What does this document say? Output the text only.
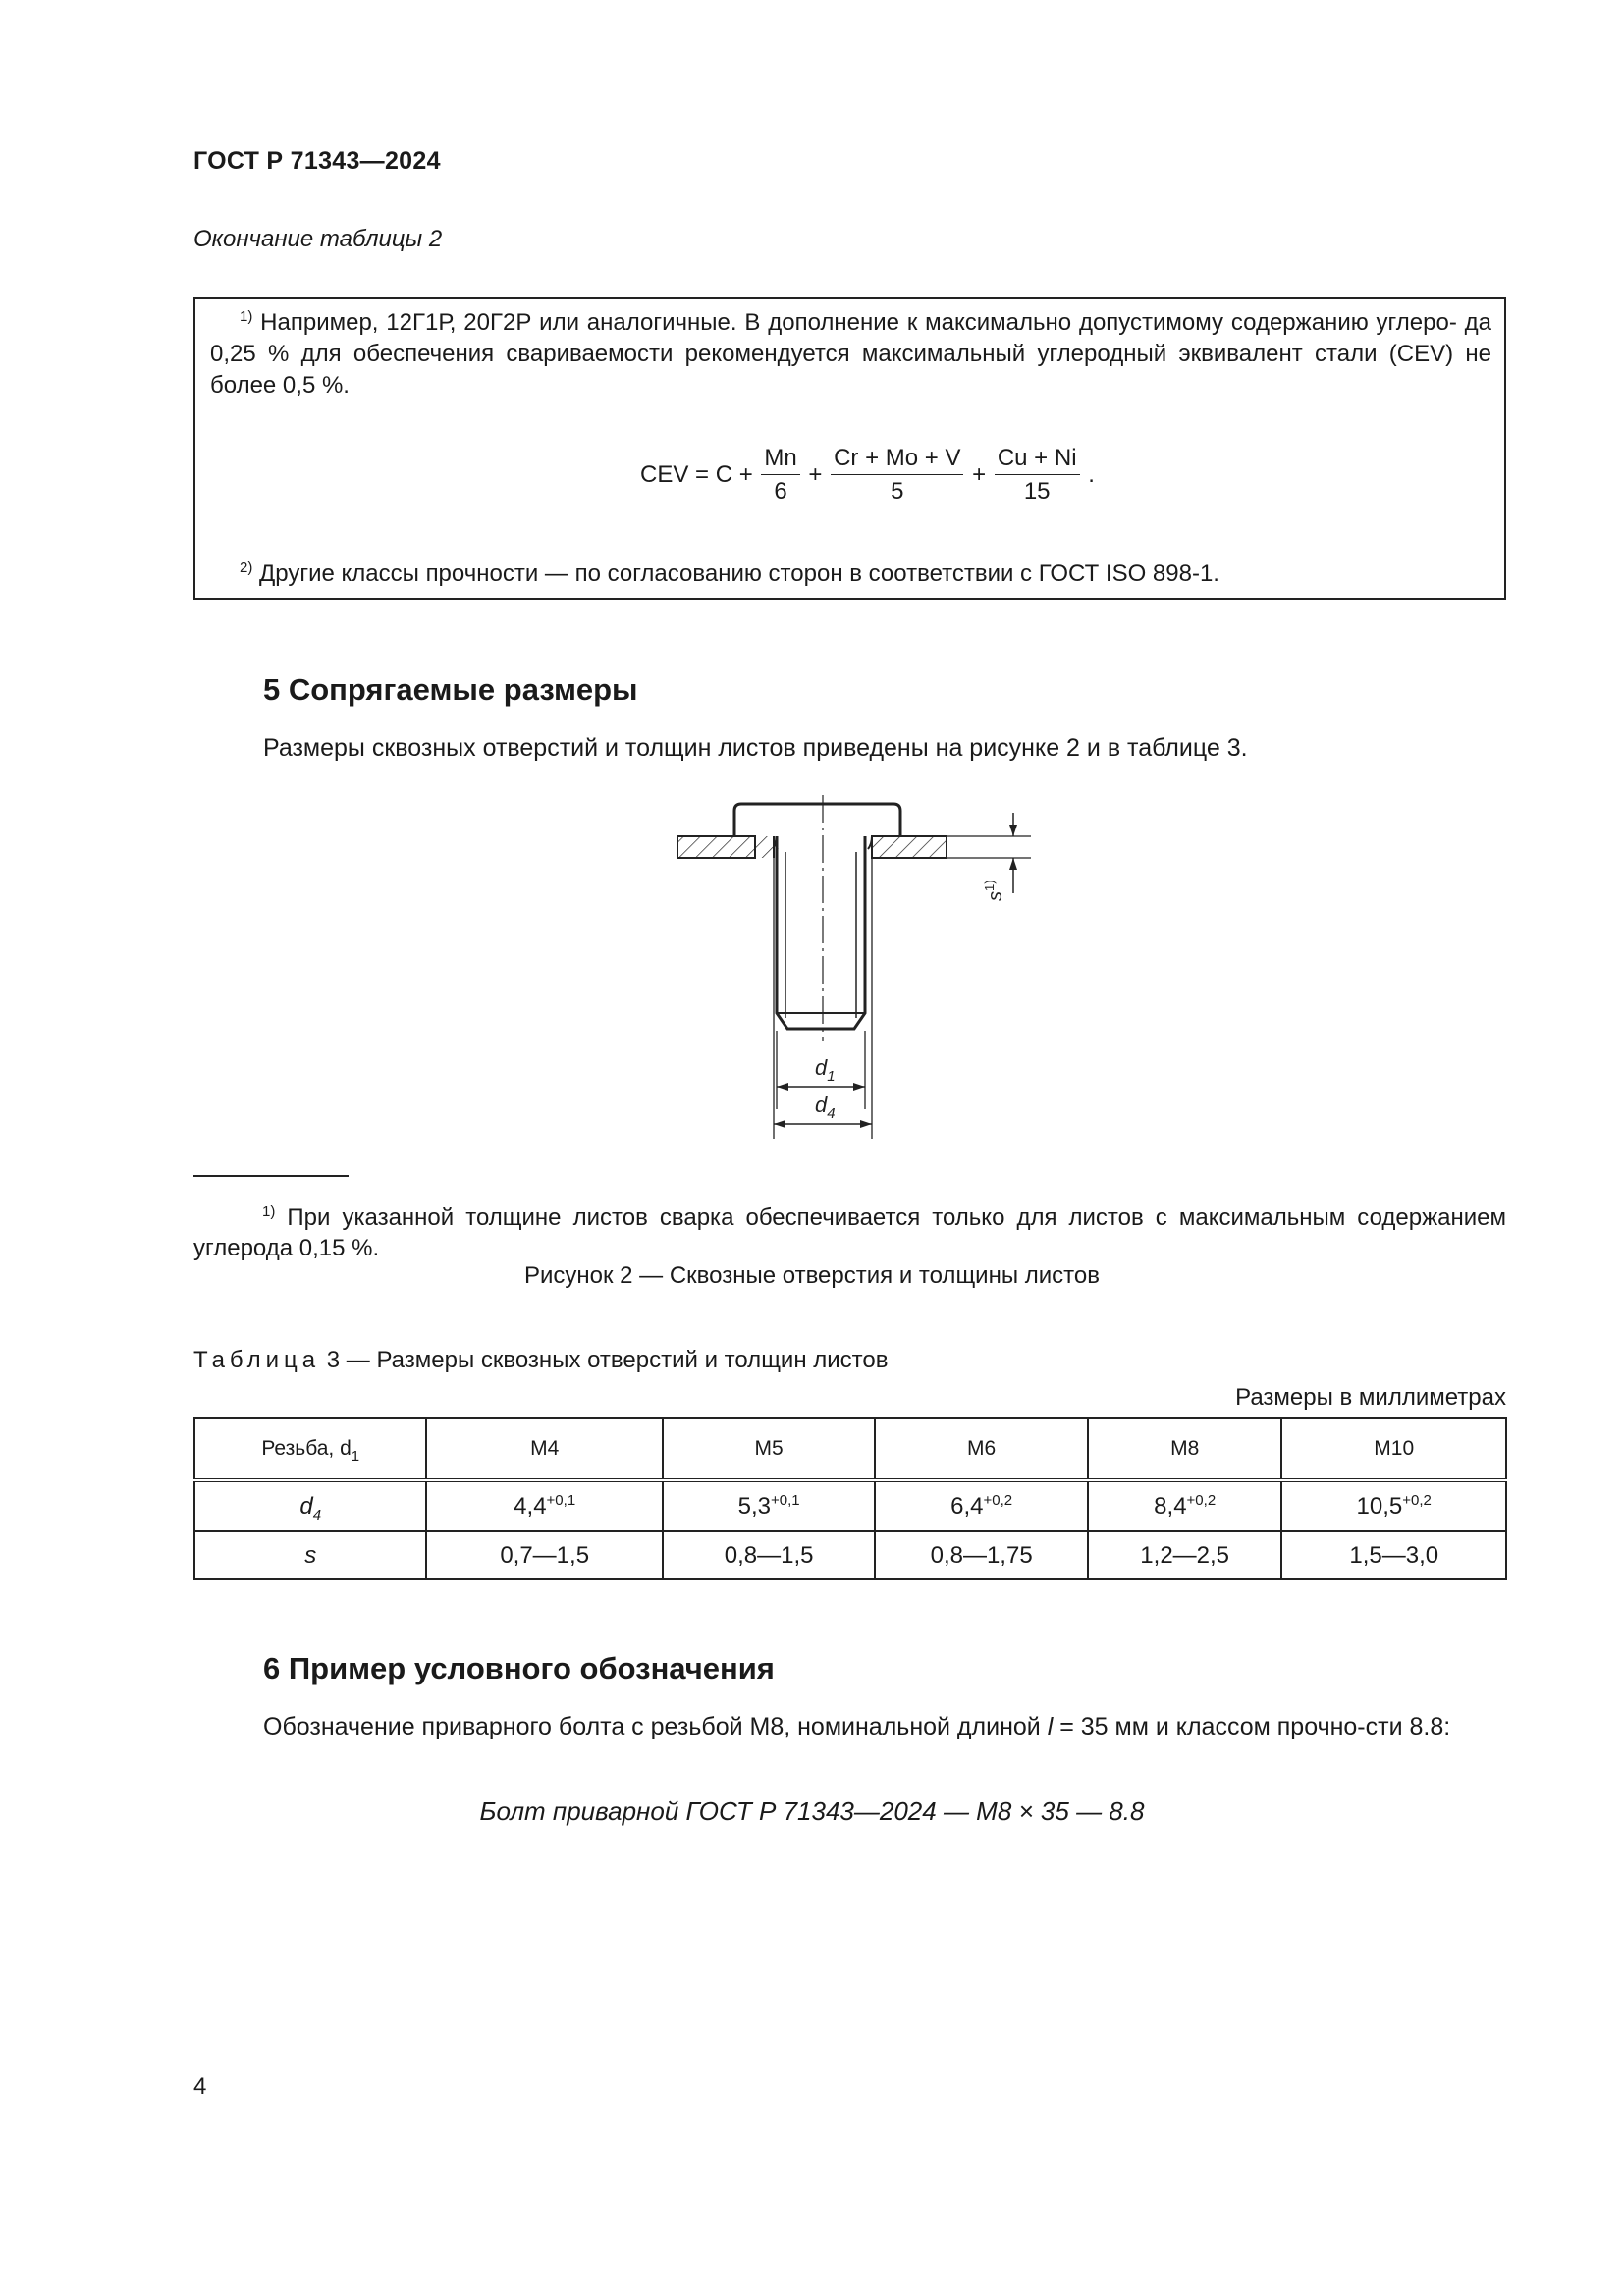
ГОСТ Р 71343—2024
Окончание таблицы 2
$^{1)}$ Например, 12Г1Р, 20Г2Р или аналогичные. В дополнение к максимально допустимому содержанию углеро- да 0,25 % для обеспечения свариваемости рекомендуется максимальный углеродный эквивалент стали (CEV) не более 0,5 %.
CEV = $C + \frac{Mn}{6} + \frac{Cr + Mo + V}{5} + \frac{Cu + Ni}{15}$ .
$^{2)}$ Другие классы прочности — по согласованию сторон в соответствии с ГОСТ ISO 898-1.
5 Сопрягаемые размеры
Размеры сквозных отверстий и толщин листов приведены на рисунке 2 и в таблице 3.
$d_1$
$d_4$
$s^{1)}$
$^{1)}$ При указанной толщине листов сварка обеспечивается только для листов с максимальным содержанием углерода 0,15 %.
Рисунок 2 — Сквозные отверстия и толщины листов
Таблица 3 — Размеры сквозных отверстий и толщин листов
Размеры в миллиметрах
Резьба, $d_1$	M4	M5	M6	M8	M10
$d_4$	$4,4^{+0,1}$	$5,3^{+0,1}$	$6,4^{+0,2}$	$8,4^{+0,2}$	$10,5^{+0,2}$
s	0,7—1,5	0,8—1,5	0,8—1,75	1,2—2,5	1,5—3,0
6 Пример условного обозначения
Обозначение приварного болта с резьбой М8, номинальной длиной l = 35 мм и классом прочно-сти 8.8:
Болт приварной ГОСТ Р 71343—2024 — М8 × 35 — 8.8
4
